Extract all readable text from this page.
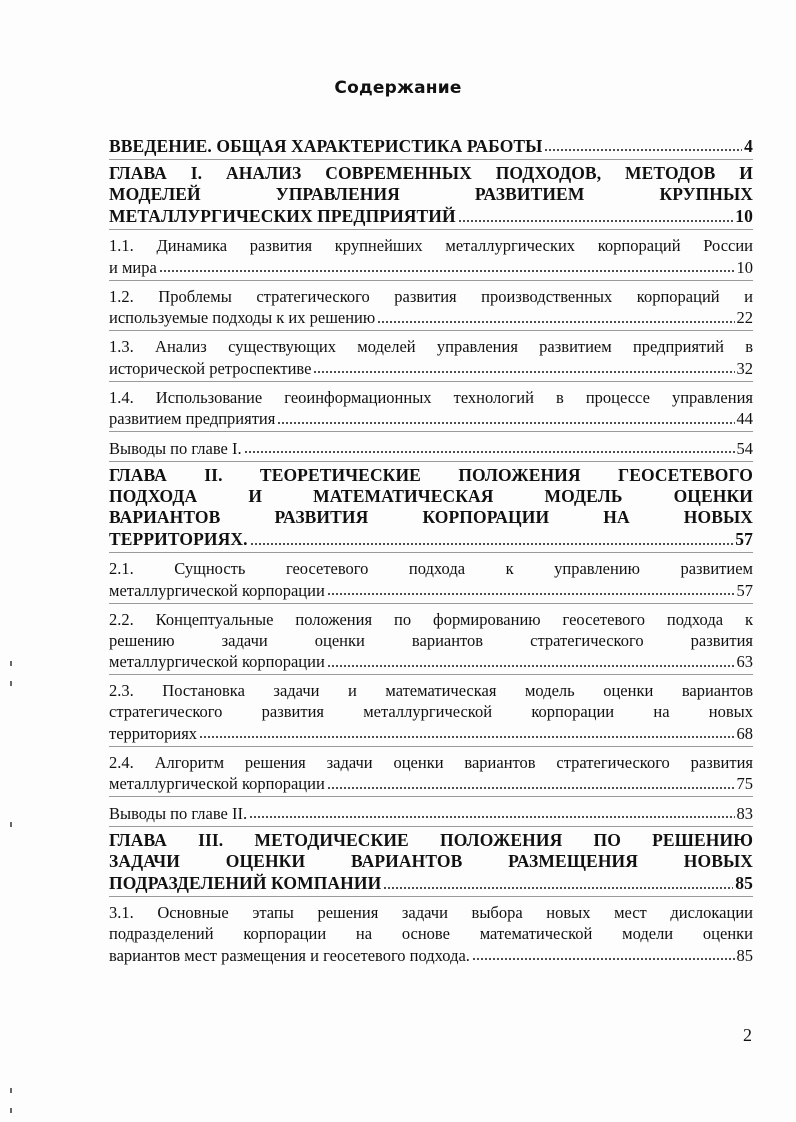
Содержание
ВВЕДЕНИЕ. ОБЩАЯ ХАРАКТЕРИСТИКА РАБОТЫ	4
ГЛАВА I. АНАЛИЗ СОВРЕМЕННЫХ ПОДХОДОВ, МЕТОДОВ И
МОДЕЛЕЙ УПРАВЛЕНИЯ РАЗВИТИЕМ КРУПНЫХ
МЕТАЛЛУРГИЧЕСКИХ ПРЕДПРИЯТИЙ	10
1.1. Динамика развития крупнейших металлургических корпораций России
и мира	10
1.2. Проблемы стратегического развития производственных корпораций и
используемые подходы к их решению	22
1.3. Анализ существующих моделей управления развитием предприятий в
исторической ретроспективе	32
1.4. Использование геоинформационных технологий в процессе управления
развитием предприятия	44
Выводы по главе I.	54
ГЛАВА II. ТЕОРЕТИЧЕСКИЕ ПОЛОЖЕНИЯ ГЕОСЕТЕВОГО
ПОДХОДА И МАТЕМАТИЧЕСКАЯ МОДЕЛЬ ОЦЕНКИ
ВАРИАНТОВ РАЗВИТИЯ КОРПОРАЦИИ НА НОВЫХ
ТЕРРИТОРИЯХ.	57
2.1. Сущность геосетевого подхода к управлению развитием
металлургической корпорации	57
2.2. Концептуальные положения по формированию геосетевого подхода к
решению задачи оценки вариантов стратегического развития
металлургической корпорации	63
2.3. Постановка задачи и математическая модель оценки вариантов
стратегического развития металлургической корпорации на новых
территориях	68
2.4. Алгоритм решения задачи оценки вариантов стратегического развития
металлургической корпорации	75
Выводы по главе II.	83
ГЛАВА III. МЕТОДИЧЕСКИЕ ПОЛОЖЕНИЯ ПО РЕШЕНИЮ
ЗАДАЧИ ОЦЕНКИ ВАРИАНТОВ РАЗМЕЩЕНИЯ НОВЫХ
ПОДРАЗДЕЛЕНИЙ КОМПАНИИ	85
3.1. Основные этапы решения задачи выбора новых мест дислокации
подразделений корпорации на основе математической модели оценки
вариантов мест размещения и геосетевого подхода.	85
2
